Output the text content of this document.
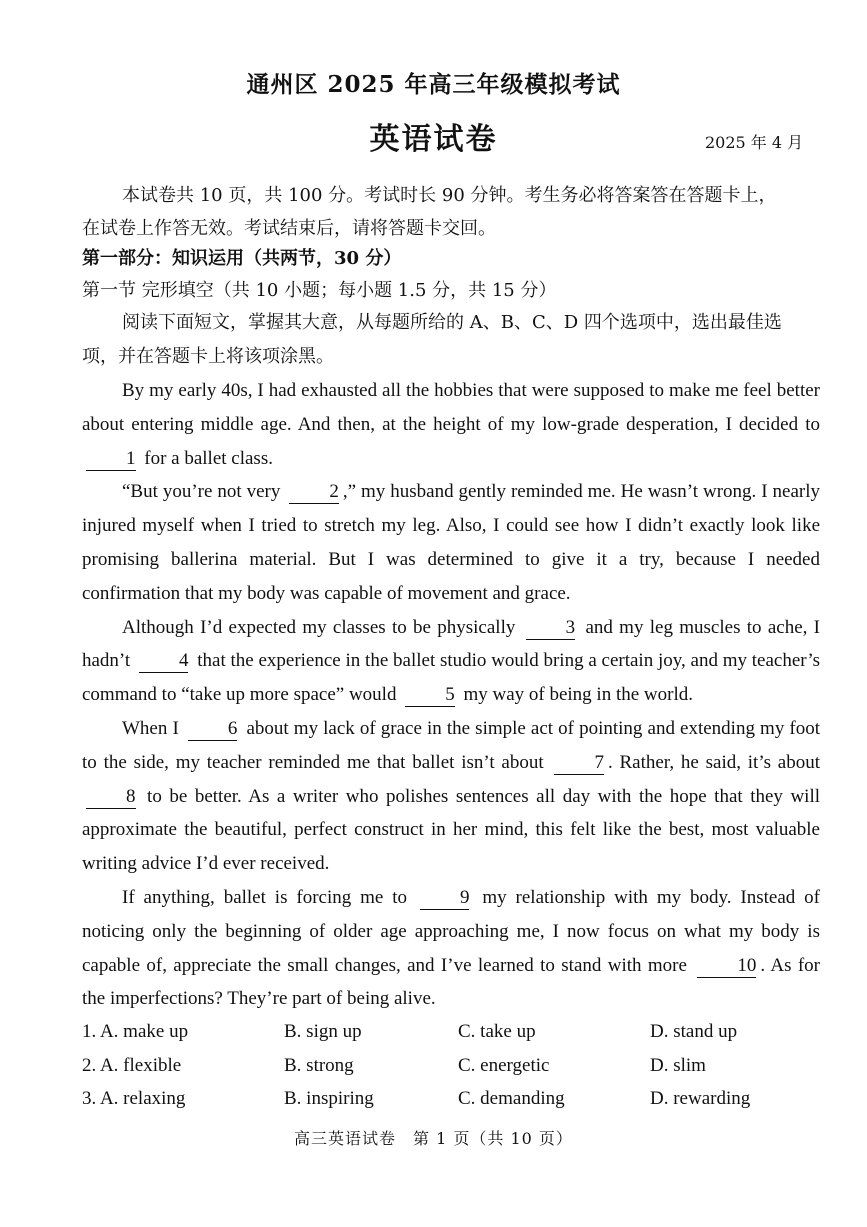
通州区 2025 年高三年级模拟考试
英语试卷	2025 年 4 月
本试卷共 10 页，共 100 分。考试时长 90 分钟。考生务必将答案答在答题卡上，
在试卷上作答无效。考试结束后，请将答题卡交回。
第一部分：知识运用（共两节，30 分）
第一节 完形填空（共 10 小题；每小题 1.5 分，共 15 分）
阅读下面短文，掌握其大意，从每题所给的 A、B、C、D 四个选项中，选出最佳选
项，并在答题卡上将该项涂黑。

By my early 40s, I had exhausted all the hobbies that were supposed to make me feel better about entering middle age. And then, at the height of my low-grade desperation, I decided to 1 for a ballet class.

“But you’re not very	2 ,” my husband gently reminded me. He wasn’t wrong. I nearly injured myself when I tried to stretch my leg. Also, I could see how I didn’t exactly look like promising ballerina material. But I was determined to give it a try, because I needed confirmation that my body was capable of movement and grace.

Although I’d expected my classes to be physically	3 and my leg muscles to ache, I hadn’t	4 that the experience in the ballet studio would bring a certain joy, and my teacher’s command to “take up more space” would	5 my way of being in the world.

When I	6 about my lack of grace in the simple act of pointing and extending my foot to the side, my teacher reminded me that ballet isn’t about	7 . Rather, he said, it’s about 8 to be better. As a writer who polishes sentences all day with the hope that they will approximate the beautiful, perfect construct in her mind, this felt like the best, most valuable writing advice I’d ever received.

If anything, ballet is forcing me to	9 my relationship with my body. Instead of noticing only the beginning of older age approaching me, I now focus on what my body is capable of, appreciate the small changes, and I’ve learned to stand with more	10 . As for the imperfections? They’re part of being alive.

1. A. make up	B. sign up	C. take up	D. stand up
2. A. flexible	B. strong	C. energetic	D. slim
3. A. relaxing	B. inspiring	C. demanding	D. rewarding
高三英语试卷　第 1 页（共 10 页）
